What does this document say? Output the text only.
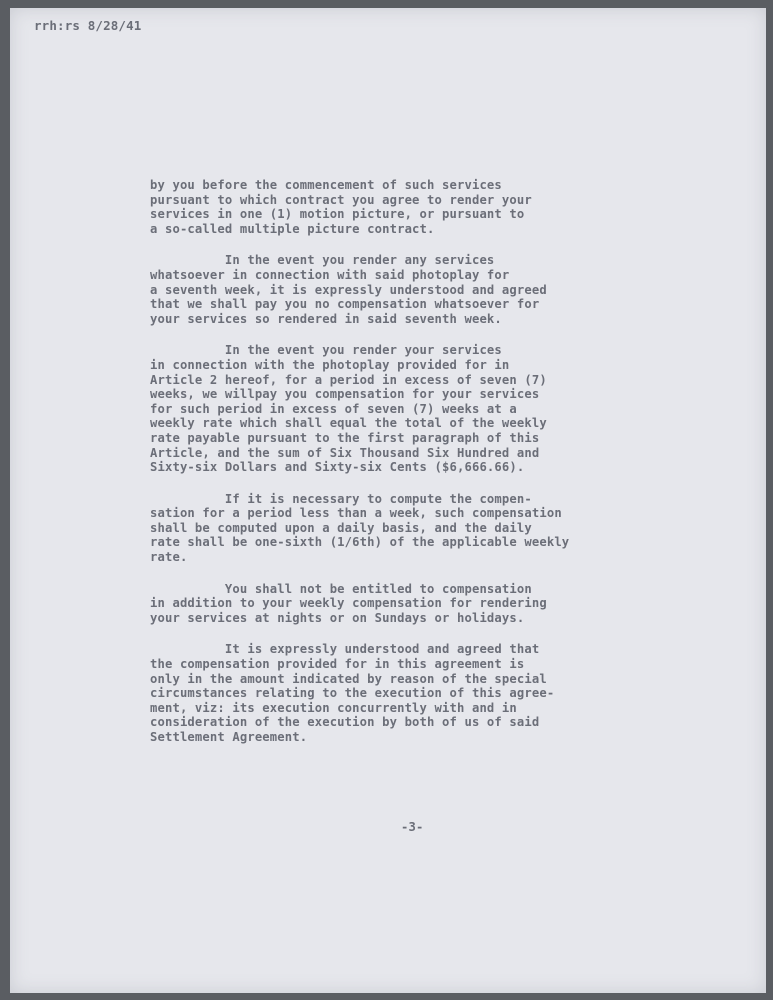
rrh:rs 8/28/41
by you before the commencement of such services
pursuant to which contract you agree to render your
services in one (1) motion picture, or pursuant to
a so-called multiple picture contract.
In the event you render any services
whatsoever in connection with said photoplay for
a seventh week, it is expressly understood and agreed
that we shall pay you no compensation whatsoever for
your services so rendered in said seventh week.
In the event you render your services
in connection with the photoplay provided for in
Article 2 hereof, for a period in excess of seven (7)
weeks, we willpay you compensation for your services
for such period in excess of seven (7) weeks at a
weekly rate which shall equal the total of the weekly
rate payable pursuant to the first paragraph of this
Article, and the sum of Six Thousand Six Hundred and
Sixty-six Dollars and Sixty-six Cents ($6,666.66).
If it is necessary to compute the compen-
sation for a period less than a week, such compensation
shall be computed upon a daily basis, and the daily
rate shall be one-sixth (1/6th) of the applicable weekly
rate.
You shall not be entitled to compensation
in addition to your weekly compensation for rendering
your services at nights or on Sundays or holidays.
It is expressly understood and agreed that
the compensation provided for in this agreement is
only in the amount indicated by reason of the special
circumstances relating to the execution of this agree-
ment, viz: its execution concurrently with and in
consideration of the execution by both of us of said
Settlement Agreement.
-3-
